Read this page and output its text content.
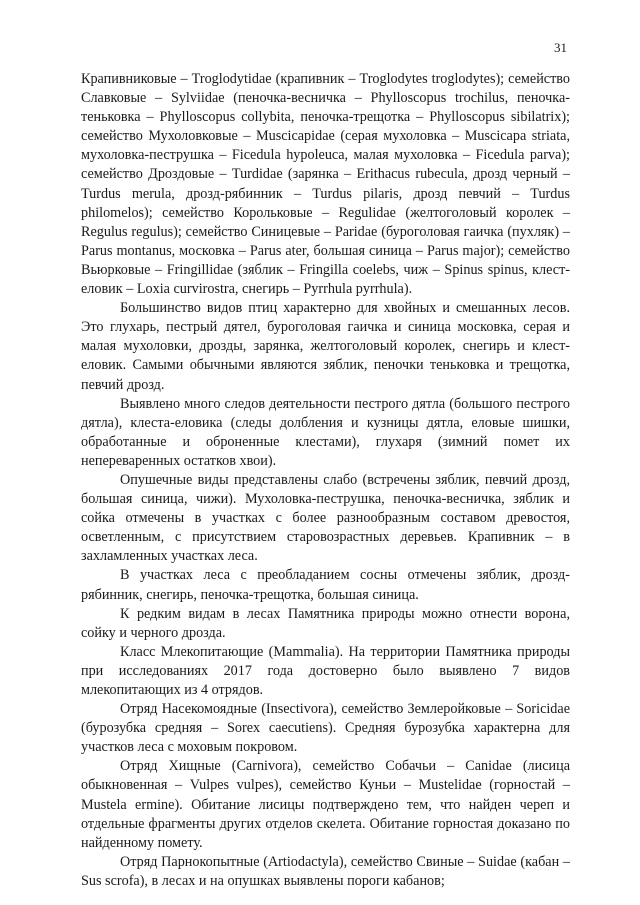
31

Крапивниковые – Troglodytidae (крапивник – Troglodytes troglodytes); семейство Славковые – Sylviidae (пеночка-весничка – Phylloscopus trochilus, пеночка-теньковка – Phylloscopus collybita, пеночка-трещотка – Phylloscopus sibilatrix); семейство Мухоловковые – Muscicapidae (серая мухоловка – Muscicapa striata, мухоловка-пеструшка – Ficedula hypoleuca, малая мухоловка – Ficedula parva); семейство Дроздовые – Turdidae (зарянка – Erithacus rubecula, дрозд черный – Turdus merula, дрозд-рябинник – Turdus pilaris, дрозд певчий – Turdus philomelos); семейство Корольковые – Regulidae (желтоголовый королек – Regulus regulus); семейство Синицевые – Paridae (буроголовая гаичка (пухляк) – Parus montanus, московка – Parus ater, большая синица – Parus major); семейство Вьюрковые – Fringillidae (зяблик – Fringilla coelebs, чиж – Spinus spinus, клест-еловик – Loxia curvirostra, снегирь – Pyrrhula pyrrhula).

Большинство видов птиц характерно для хвойных и смешанных лесов. Это глухарь, пестрый дятел, буроголовая гаичка и синица московка, серая и малая мухоловки, дрозды, зарянка, желтоголовый королек, снегирь и клест-еловик. Самыми обычными являются зяблик, пеночки теньковка и трещотка, певчий дрозд.

Выявлено много следов деятельности пестрого дятла (большого пестрого дятла), клеста-еловика (следы долбления и кузницы дятла, еловые шишки, обработанные и оброненные клестами), глухаря (зимний помет их непереваренных остатков хвои).

Опушечные виды представлены слабо (встречены зяблик, певчий дрозд, большая синица, чижи). Мухоловка-пеструшка, пеночка-весничка, зяблик и сойка отмечены в участках с более разнообразным составом древостоя, осветленным, с присутствием старовозрастных деревьев. Крапивник – в захламленных участках леса.

В участках леса с преобладанием сосны отмечены зяблик, дрозд-рябинник, снегирь, пеночка-трещотка, большая синица.

К редким видам в лесах Памятника природы можно отнести ворона, сойку и черного дрозда.

Класс Млекопитающие (Mammalia). На территории Памятника природы при исследованиях 2017 года достоверно было выявлено 7 видов млекопитающих из 4 отрядов.

Отряд Насекомоядные (Insectivora), семейство Землеройковые – Soricidae (бурозубка средняя – Sorex caecutiens). Средняя бурозубка характерна для участков леса с моховым покровом.

Отряд Хищные (Carnivora), семейство Собачьи – Canidae (лисица обыкновенная – Vulpes vulpes), семейство Куньи – Mustelidae (горностай – Mustela ermine). Обитание лисицы подтверждено тем, что найден череп и отдельные фрагменты других отделов скелета. Обитание горностая доказано по найденному помету.

Отряд Парнокопытные (Artiodactyla), семейство Свиные – Suidae (кабан – Sus scrofa), в лесах и на опушках выявлены пороги кабанов;
